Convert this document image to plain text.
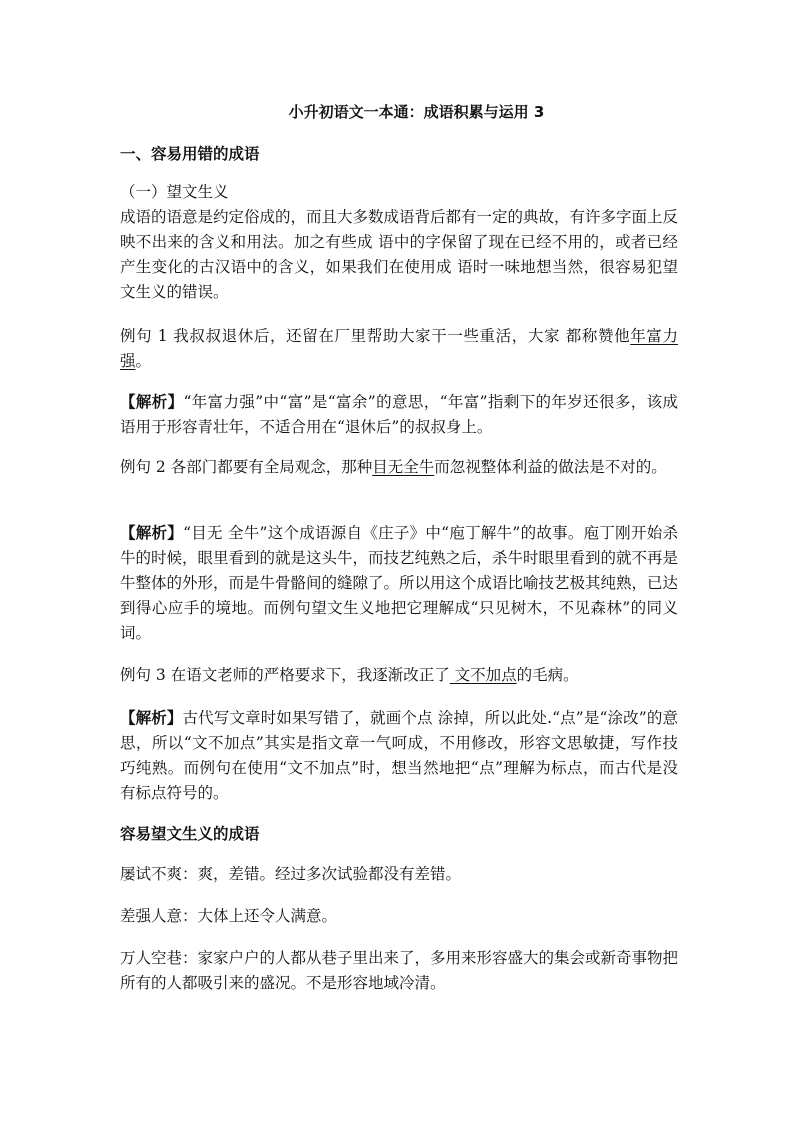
小升初语文一本通：成语积累与运用 3
一、容易用错的成语
（一）望文生义
成语的语意是约定俗成的，而且大多数成语背后都有一定的典故，有许多字面上反映不出来的含义和用法。加之有些成 语中的字保留了现在已经不用的，或者已经产生变化的古汉语中的含义，如果我们在使用成 语时一味地想当然，很容易犯望文生义的错误。
例句 1 我叔叔退休后，还留在厂里帮助大家干一些重活，大家 都称赞他年富力强。
【解析】“年富力强”中“富”是“富余”的意思，“年富”指剩下的年岁还很多，该成语用于形容青壮年，不适合用在“退休后”的叔叔身上。
例句 2 各部门都要有全局观念，那种目无全牛而忽视整体利益的做法是不对的。
【解析】“目无 全牛”这个成语源自《庄子》中“庖丁解牛”的故事。庖丁刚开始杀牛的时候，眼里看到的就是这头牛，而技艺纯熟之后，杀牛时眼里看到的就不再是牛整体的外形，而是牛骨骼间的缝隙了。所以用这个成语比喻技艺极其纯熟，已达到得心应手的境地。而例句望文生义地把它理解成“只见树木，不见森林”的同义词。
例句 3 在语文老师的严格要求下，我逐渐改正了 文不加点的毛病。
【解析】古代写文章时如果写错了，就画个点 涂掉，所以此处.“点”是“涂改”的意思，所以“文不加点”其实是指文章一气呵成，不用修改，形容文思敏捷，写作技巧纯熟。而例句在使用“文不加点”时，想当然地把“点”理解为标点，而古代是没有标点符号的。
容易望文生义的成语
屡试不爽：爽，差错。经过多次试验都没有差错。
差强人意：大体上还令人满意。
万人空巷：家家户户的人都从巷子里出来了，多用来形容盛大的集会或新奇事物把所有的人都吸引来的盛况。不是形容地域冷清。
